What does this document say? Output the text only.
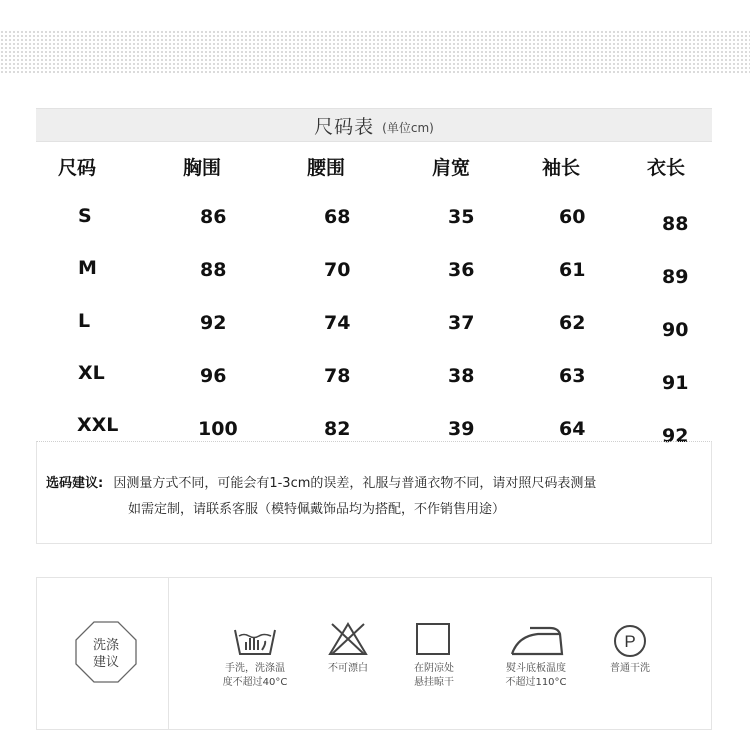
尺码表 (单位cm)
尺码	胸围	腰围	肩宽	袖长	衣长
S	86	68	35	60	88
M	88	70	36	61	89
L	92	74	37	62	90
XL	96	78	38	63	91
XXL	100	82	39	64	92
选码建议: 因测量方式不同，可能会有1-3cm的误差，礼服与普通衣物不同，请对照尺码表测量
如需定制，请联系客服（模特佩戴饰品均为搭配，不作销售用途）
洗涤
建议	手洗，洗涤温
度不超过40°C
不可漂白	在阴凉处
悬挂晾干
熨斗底板温度
不超过110°C
P
普通干洗
